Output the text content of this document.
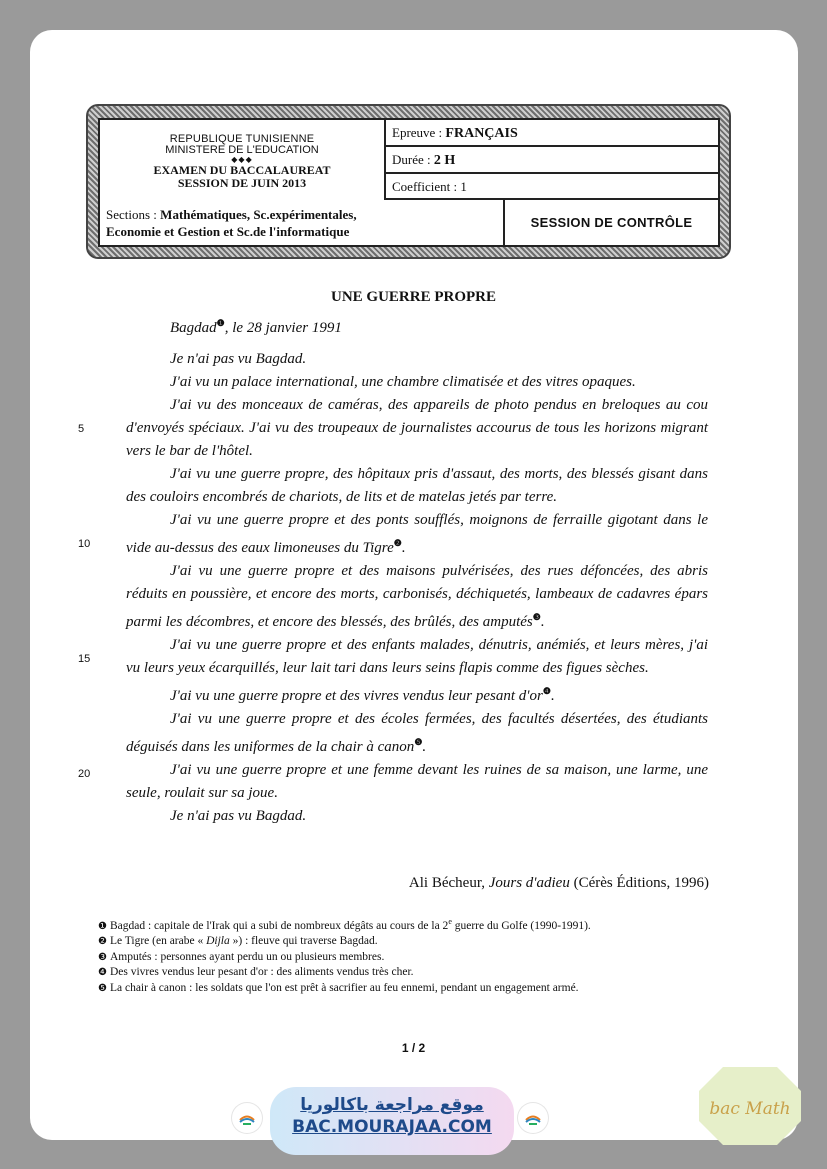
REPUBLIQUE TUNISIENNE
MINISTERE DE L'EDUCATION
◆◆◆
EXAMEN DU BACCALAUREAT
SESSION DE JUIN 2013
Epreuve : FRANÇAIS
Durée : 2 H
Coefficient : 1
Sections : Mathématiques, Sc.expérimentales,
Economie et Gestion et Sc.de l'informatique
SESSION DE CONTRÔLE
UNE GUERRE PROPRE
Bagdad$^❶$, le 28 janvier 1991
5
10
15
20

Je n'ai pas vu Bagdad.

J'ai vu un palace international, une chambre climatisée et des vitres opaques.

J'ai vu des monceaux de caméras, des appareils de photo pendus en breloques au cou d'envoyés spéciaux. J'ai vu des troupeaux de journalistes accourus de tous les horizons migrant vers le bar de l'hôtel.

J'ai vu une guerre propre, des hôpitaux pris d'assaut, des morts, des blessés gisant dans des couloirs encombrés de chariots, de lits et de matelas jetés par terre.

J'ai vu une guerre propre et des ponts soufflés, moignons de ferraille gigotant dans le vide au-dessus des eaux limoneuses du Tigre$^❷$.

J'ai vu une guerre propre et des maisons pulvérisées, des rues défoncées, des abris réduits en poussière, et encore des morts, carbonisés, déchiquetés, lambeaux de cadavres épars parmi les décombres, et encore des blessés, des brûlés, des amputés$^❸$.

J'ai vu une guerre propre et des enfants malades, dénutris, anémiés, et leurs mères, j'ai vu leurs yeux écarquillés, leur lait tari dans leurs seins flapis comme des figues sèches.

J'ai vu une guerre propre et des vivres vendus leur pesant d'or$^❹$.

J'ai vu une guerre propre et des écoles fermées, des facultés désertées, des étudiants déguisés dans les uniformes de la chair à canon$^❺$.

J'ai vu une guerre propre et une femme devant les ruines de sa maison, une larme, une seule, roulait sur sa joue.

Je n'ai pas vu Bagdad.

Ali Bécheur, Jours d'adieu (Cérès Éditions, 1996)
❶ Bagdad : capitale de l'Irak qui a subi de nombreux dégâts au cours de la 2e guerre du Golfe (1990-1991).
❷ Le Tigre (en arabe « Dijla ») : fleuve qui traverse Bagdad.
❸ Amputés : personnes ayant perdu un ou plusieurs membres.
❹ Des vivres vendus leur pesant d'or : des aliments vendus très cher.
❺ La chair à canon : les soldats que l'on est prêt à sacrifier au feu ennemi, pendant un engagement armé.
1 / 2
موقع مراجعة باكالوريا
BAC.MOURAJAA.COM
bac Math
